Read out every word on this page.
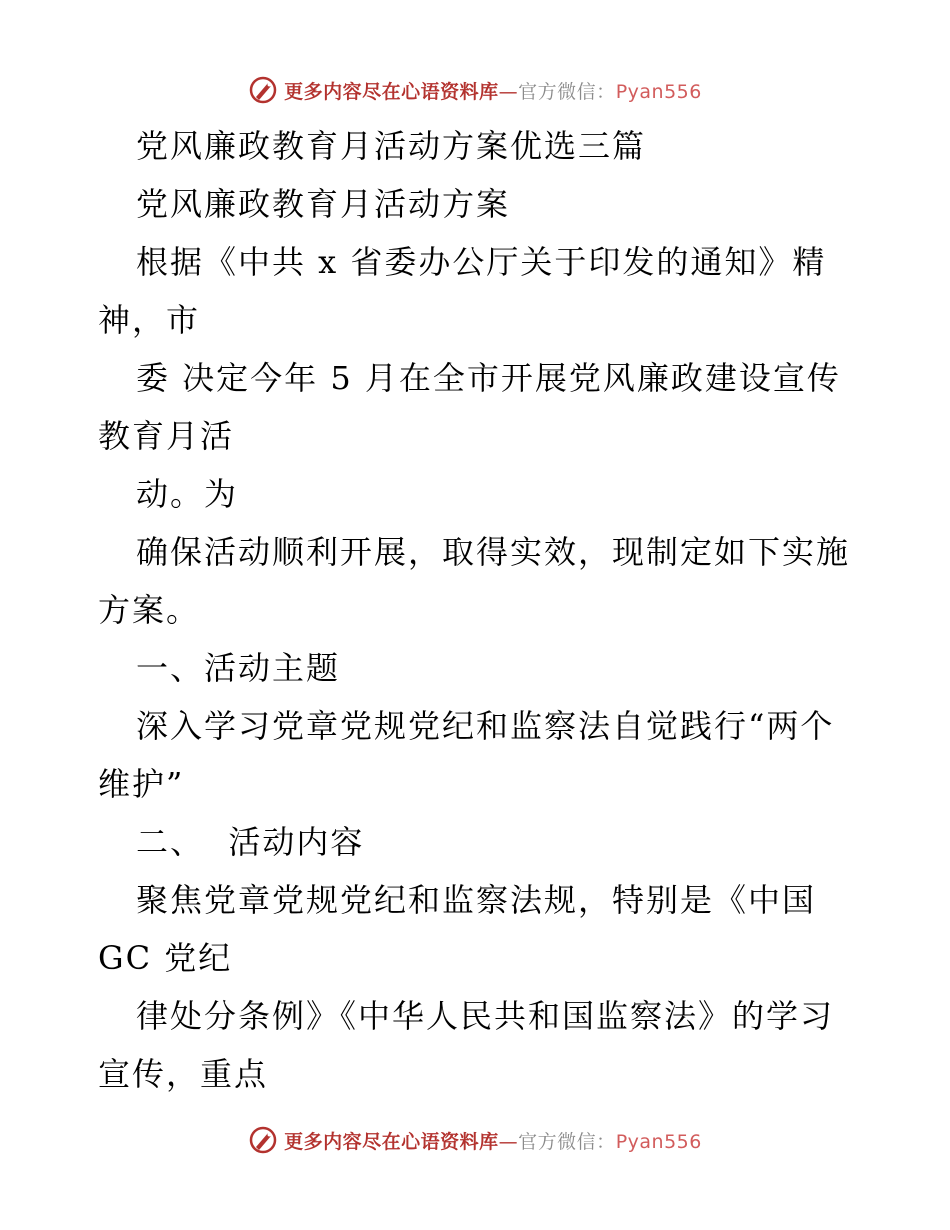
更多内容尽在心语资料库—官方微信：Pyan556
党风廉政教育月活动方案优选三篇
党风廉政教育月活动方案
根据《中共 x 省委办公厅关于印发的通知》精
神，市
委 决定今年 5 月在全市开展党风廉政建设宣传
教育月活
动。为
确保活动顺利开展，取得实效，现制定如下实施
方案。
一、活动主题
深入学习党章党规党纪和监察法自觉践行“两个
维护”
二、  活动内容
聚焦党章党规党纪和监察法规，特别是《中国
GC 党纪
律处分条例》《中华人民共和国监察法》的学习
宣传，重点
更多内容尽在心语资料库—官方微信：Pyan556
